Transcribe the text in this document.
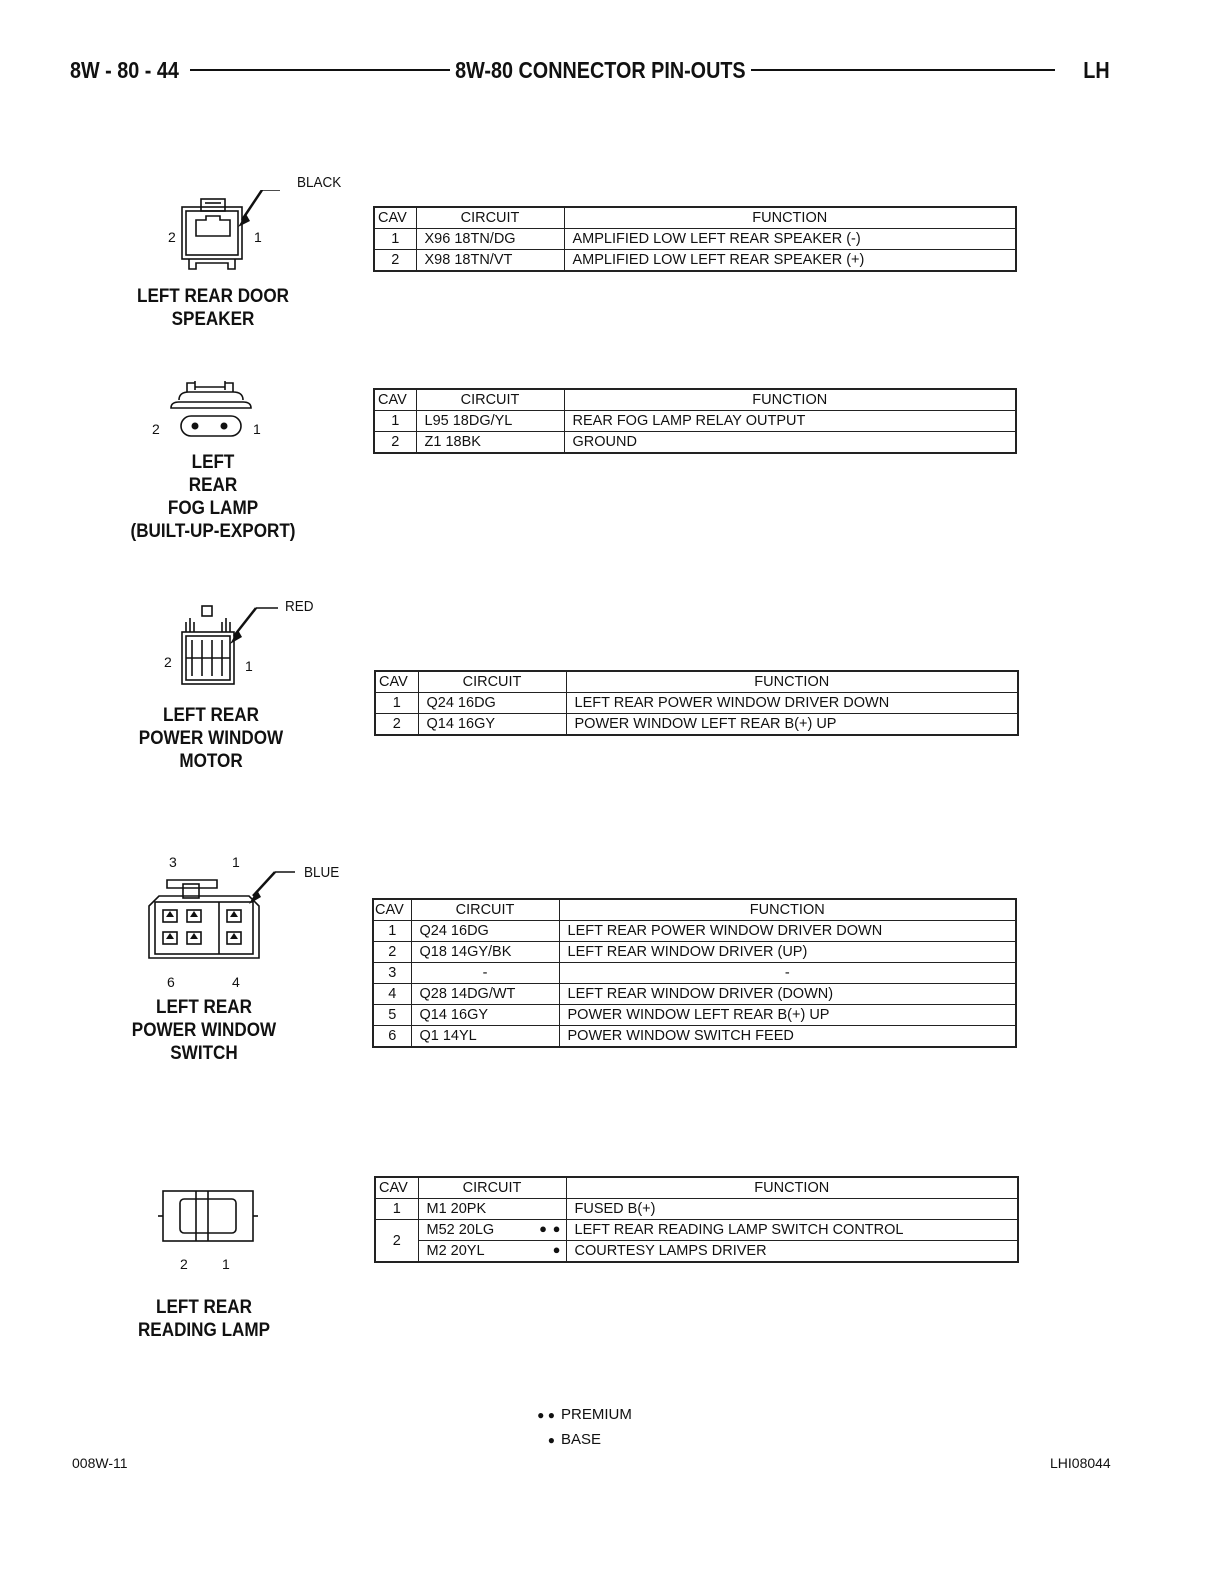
8W - 80 - 44	8W-80 CONNECTOR PIN-OUTS	LH
BLACK
2	1
LEFT REAR DOOR
SPEAKER
CAV	CIRCUIT	FUNCTION
1	X96 18TN/DG	AMPLIFIED LOW LEFT REAR SPEAKER (-)
2	X98 18TN/VT	AMPLIFIED LOW LEFT REAR SPEAKER (+)
2	1
LEFT
REAR
FOG LAMP
(BUILT-UP-EXPORT)
CAV	CIRCUIT	FUNCTION
1	L95 18DG/YL	REAR FOG LAMP RELAY OUTPUT
2	Z1 18BK	GROUND
RED
2	1
LEFT REAR
POWER WINDOW
MOTOR
CAV	CIRCUIT	FUNCTION
1	Q24 16DG	LEFT REAR POWER WINDOW DRIVER DOWN
2	Q14 16GY	POWER WINDOW LEFT REAR B(+) UP
BLUE
3	1
6	4
LEFT REAR
POWER WINDOW
SWITCH
CAV	CIRCUIT	FUNCTION
1	Q24 16DG	LEFT REAR POWER WINDOW DRIVER DOWN
2	Q18 14GY/BK	LEFT REAR WINDOW DRIVER (UP)
3	-	-
4	Q28 14DG/WT	LEFT REAR WINDOW DRIVER (DOWN)
5	Q14 16GY	POWER WINDOW LEFT REAR B(+) UP
6	Q1 14YL	POWER WINDOW SWITCH FEED
2 1
LEFT REAR
READING LAMP
CAV	CIRCUIT	FUNCTION
1	M1 20PK	FUSED B(+)
2	M52 20LG ● ●	LEFT REAR READING LAMP SWITCH CONTROL
	M2 20YL ●	COURTESY LAMPS DRIVER
● ● PREMIUM
● BASE
008W-11	LHI08044
